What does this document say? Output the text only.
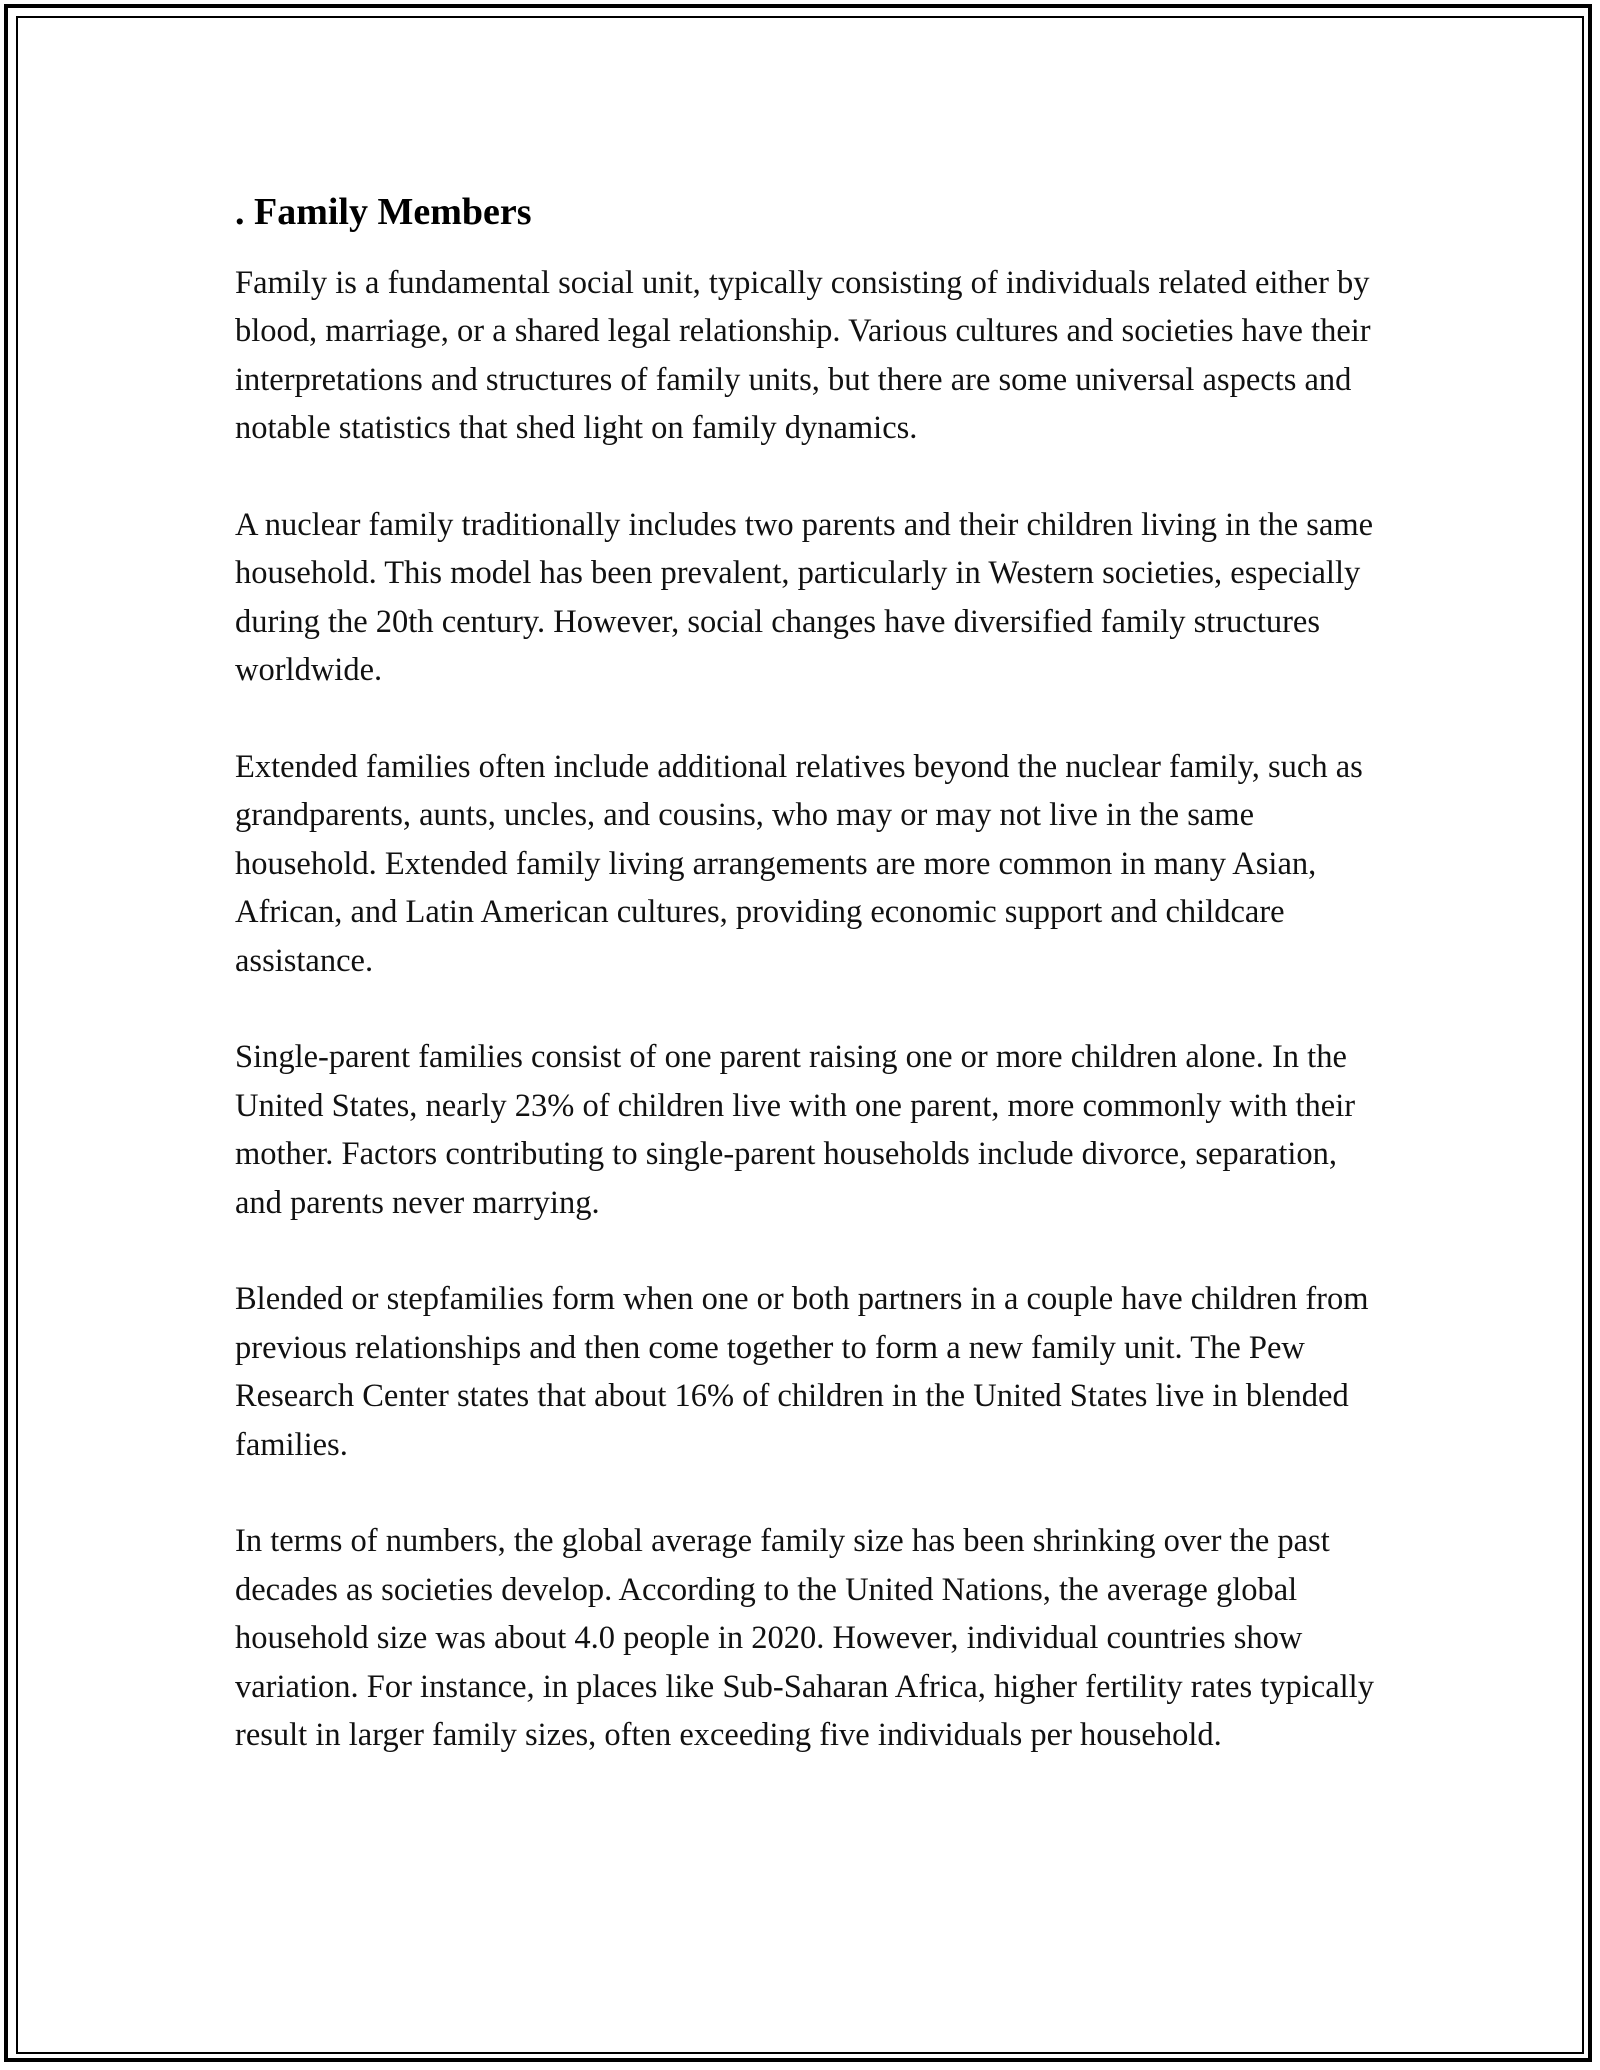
. Family Members

Family is a fundamental social unit, typically consisting of individuals related either by blood, marriage, or a shared legal relationship. Various cultures and societies have their interpretations and structures of family units, but there are some universal aspects and notable statistics that shed light on family dynamics.

A nuclear family traditionally includes two parents and their children living in the same household. This model has been prevalent, particularly in Western societies, especially during the 20th century. However, social changes have diversified family structures worldwide.

Extended families often include additional relatives beyond the nuclear family, such as grandparents, aunts, uncles, and cousins, who may or may not live in the same household. Extended family living arrangements are more common in many Asian, African, and Latin American cultures, providing economic support and childcare assistance.

Single-parent families consist of one parent raising one or more children alone. In the United States, nearly 23% of children live with one parent, more commonly with their mother. Factors contributing to single-parent households include divorce, separation, and parents never marrying.

Blended or stepfamilies form when one or both partners in a couple have children from previous relationships and then come together to form a new family unit. The Pew Research Center states that about 16% of children in the United States live in blended families.

In terms of numbers, the global average family size has been shrinking over the past decades as societies develop. According to the United Nations, the average global household size was about 4.0 people in 2020. However, individual countries show variation. For instance, in places like Sub-Saharan Africa, higher fertility rates typically result in larger family sizes, often exceeding five individuals per household.
